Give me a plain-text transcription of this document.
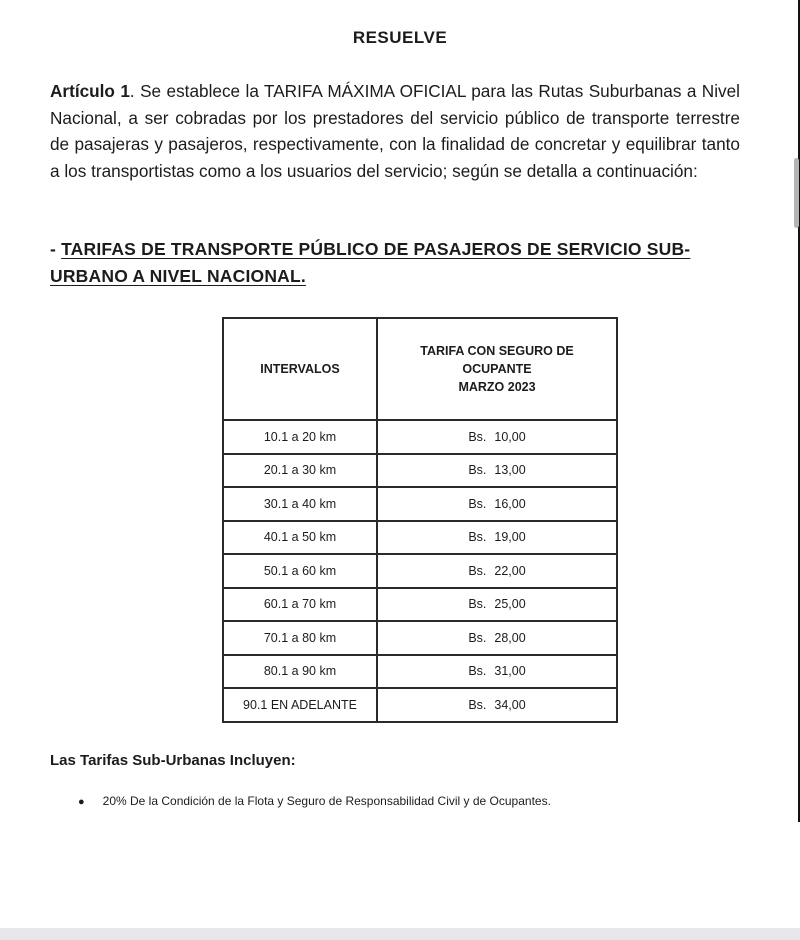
RESUELVE
Artículo 1. Se establece la TARIFA MÁXIMA OFICIAL para las Rutas Suburbanas a Nivel Nacional, a ser cobradas por los prestadores del servicio público de transporte terrestre de pasajeras y pasajeros, respectivamente, con la finalidad de concretar y equilibrar tanto a los transportistas como a los usuarios del servicio; según se detalla a continuación:
- TARIFAS DE TRANSPORTE PÚBLICO DE PASAJEROS DE SERVICIO SUB-URBANO A NIVEL NACIONAL.
INTERVALOS	TARIFA CON SEGURO DE
OCUPANTE
MARZO 2023

10.1 a 20 km	Bs. 10,00
20.1 a 30 km	Bs. 13,00
30.1 a 40 km	Bs. 16,00
40.1 a 50 km	Bs. 19,00
50.1 a 60 km	Bs. 22,00
60.1 a 70 km	Bs. 25,00
70.1 a 80 km	Bs. 28,00
80.1 a 90 km	Bs. 31,00
90.1 EN ADELANTE	Bs. 34,00
Las Tarifas Sub-Urbanas Incluyen:
● 20% De la Condición de la Flota y Seguro de Responsabilidad Civil y de Ocupantes.
